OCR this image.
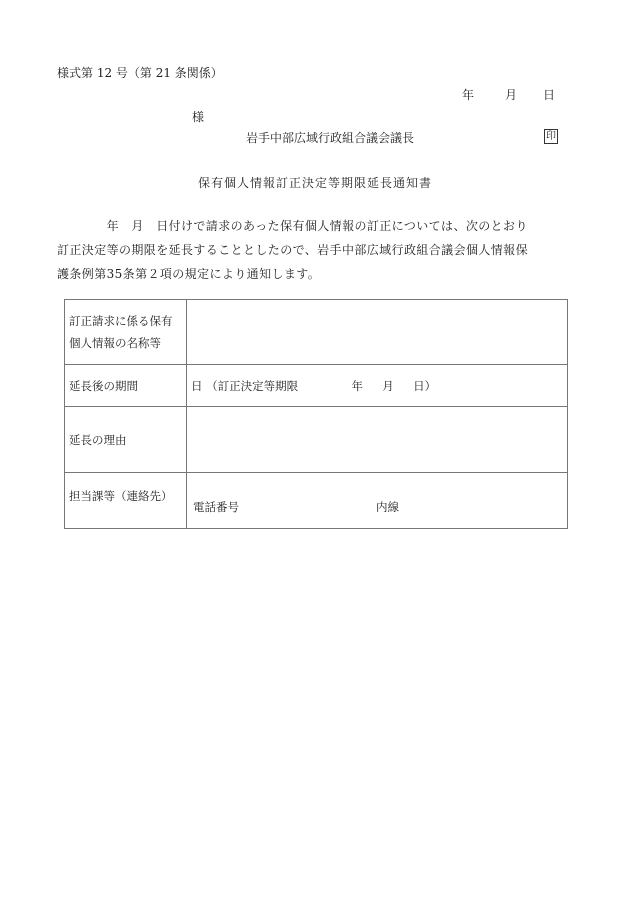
様式第 12 号（第 21 条関係）
年	月 日
様
岩手中部広域行政組合議会議長	印
保有個人情報訂正決定等期限延長通知書
　　　　年　月　日付けで請求のあった保有個人情報の訂正については、次のとおり
訂正決定等の期限を延長することとしたので、岩手中部広域行政組合議会個人情報保
護条例第35条第２項の規定により通知します。
訂正請求に係る保有
個人情報の名称等	

延長後の期間	日 （訂正決定等期限 年 月 日）
延長の理由	
担当課等（連絡先）	電話番号 内線
